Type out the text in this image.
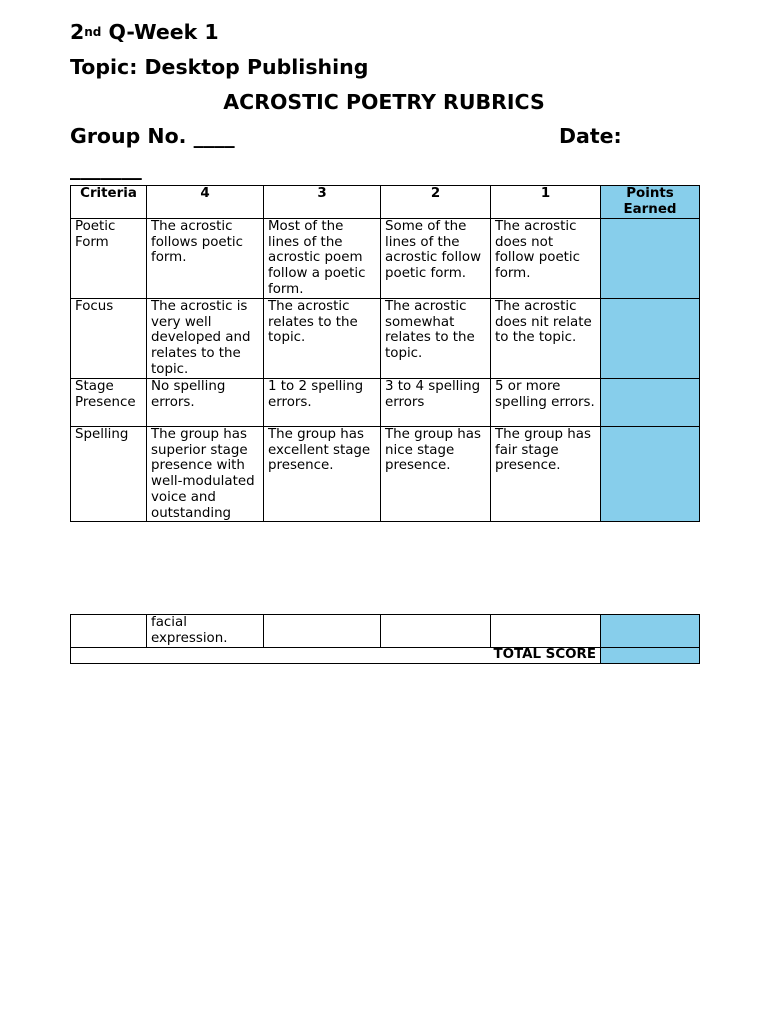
2nd Q-Week 1
Topic: Desktop Publishing
ACROSTIC POETRY RUBRICS
Group No. ____	Date:
_______
Criteria	4	3	2	1	Points Earned
Poetic Form	The acrostic follows poetic form.	Most of the lines of the acrostic poem follow a poetic form.	Some of the lines of the acrostic follow poetic form.	The acrostic does not follow poetic form.	
Focus	The acrostic is very well developed and relates to the topic.	The acrostic relates to the topic.	The acrostic somewhat relates to the topic.	The acrostic does nit relate to the topic.	
Stage Presence	No spelling errors.	1 to 2 spelling errors.	3 to 4 spelling errors	5 or more spelling errors.	
Spelling	The group has superior stage presence with well-modulated voice and outstanding	The group has excellent stage presence.	The group has nice stage presence.	The group has fair stage presence.	
	facial expression.				
TOTAL SCORE					
